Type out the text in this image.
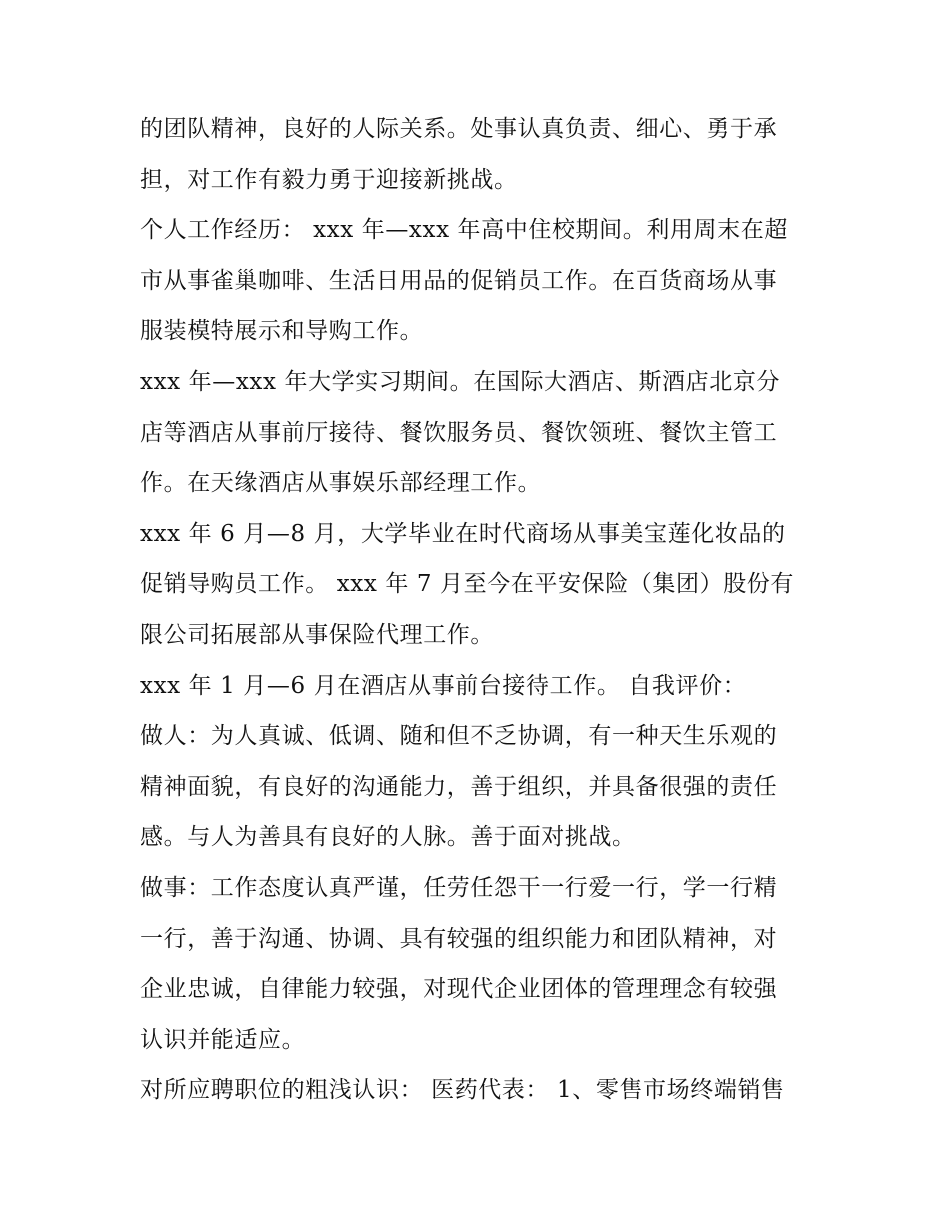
的团队精神，良好的人际关系。处事认真负责、细心、勇于承
担，对工作有毅力勇于迎接新挑战。
个人工作经历： xxx 年—xxx 年高中住校期间。利用周末在超
市从事雀巢咖啡、生活日用品的促销员工作。在百货商场从事
服装模特展示和导购工作。
xxx 年—xxx 年大学实习期间。在国际大酒店、斯酒店北京分
店等酒店从事前厅接待、餐饮服务员、餐饮领班、餐饮主管工
作。在天缘酒店从事娱乐部经理工作。
xxx 年 6 月—8 月，大学毕业在时代商场从事美宝莲化妆品的
促销导购员工作。 xxx 年 7 月至今在平安保险（集团）股份有
限公司拓展部从事保险代理工作。
xxx 年 1 月—6 月在酒店从事前台接待工作。 自我评价：
做人：为人真诚、低调、随和但不乏协调，有一种天生乐观的
精神面貌，有良好的沟通能力，善于组织，并具备很强的责任
感。与人为善具有良好的人脉。善于面对挑战。
做事：工作态度认真严谨，任劳任怨干一行爱一行，学一行精
一行，善于沟通、协调、具有较强的组织能力和团队精神，对
企业忠诚，自律能力较强，对现代企业团体的管理理念有较强
认识并能适应。
对所应聘职位的粗浅认识： 医药代表： 1、零售市场终端销售
